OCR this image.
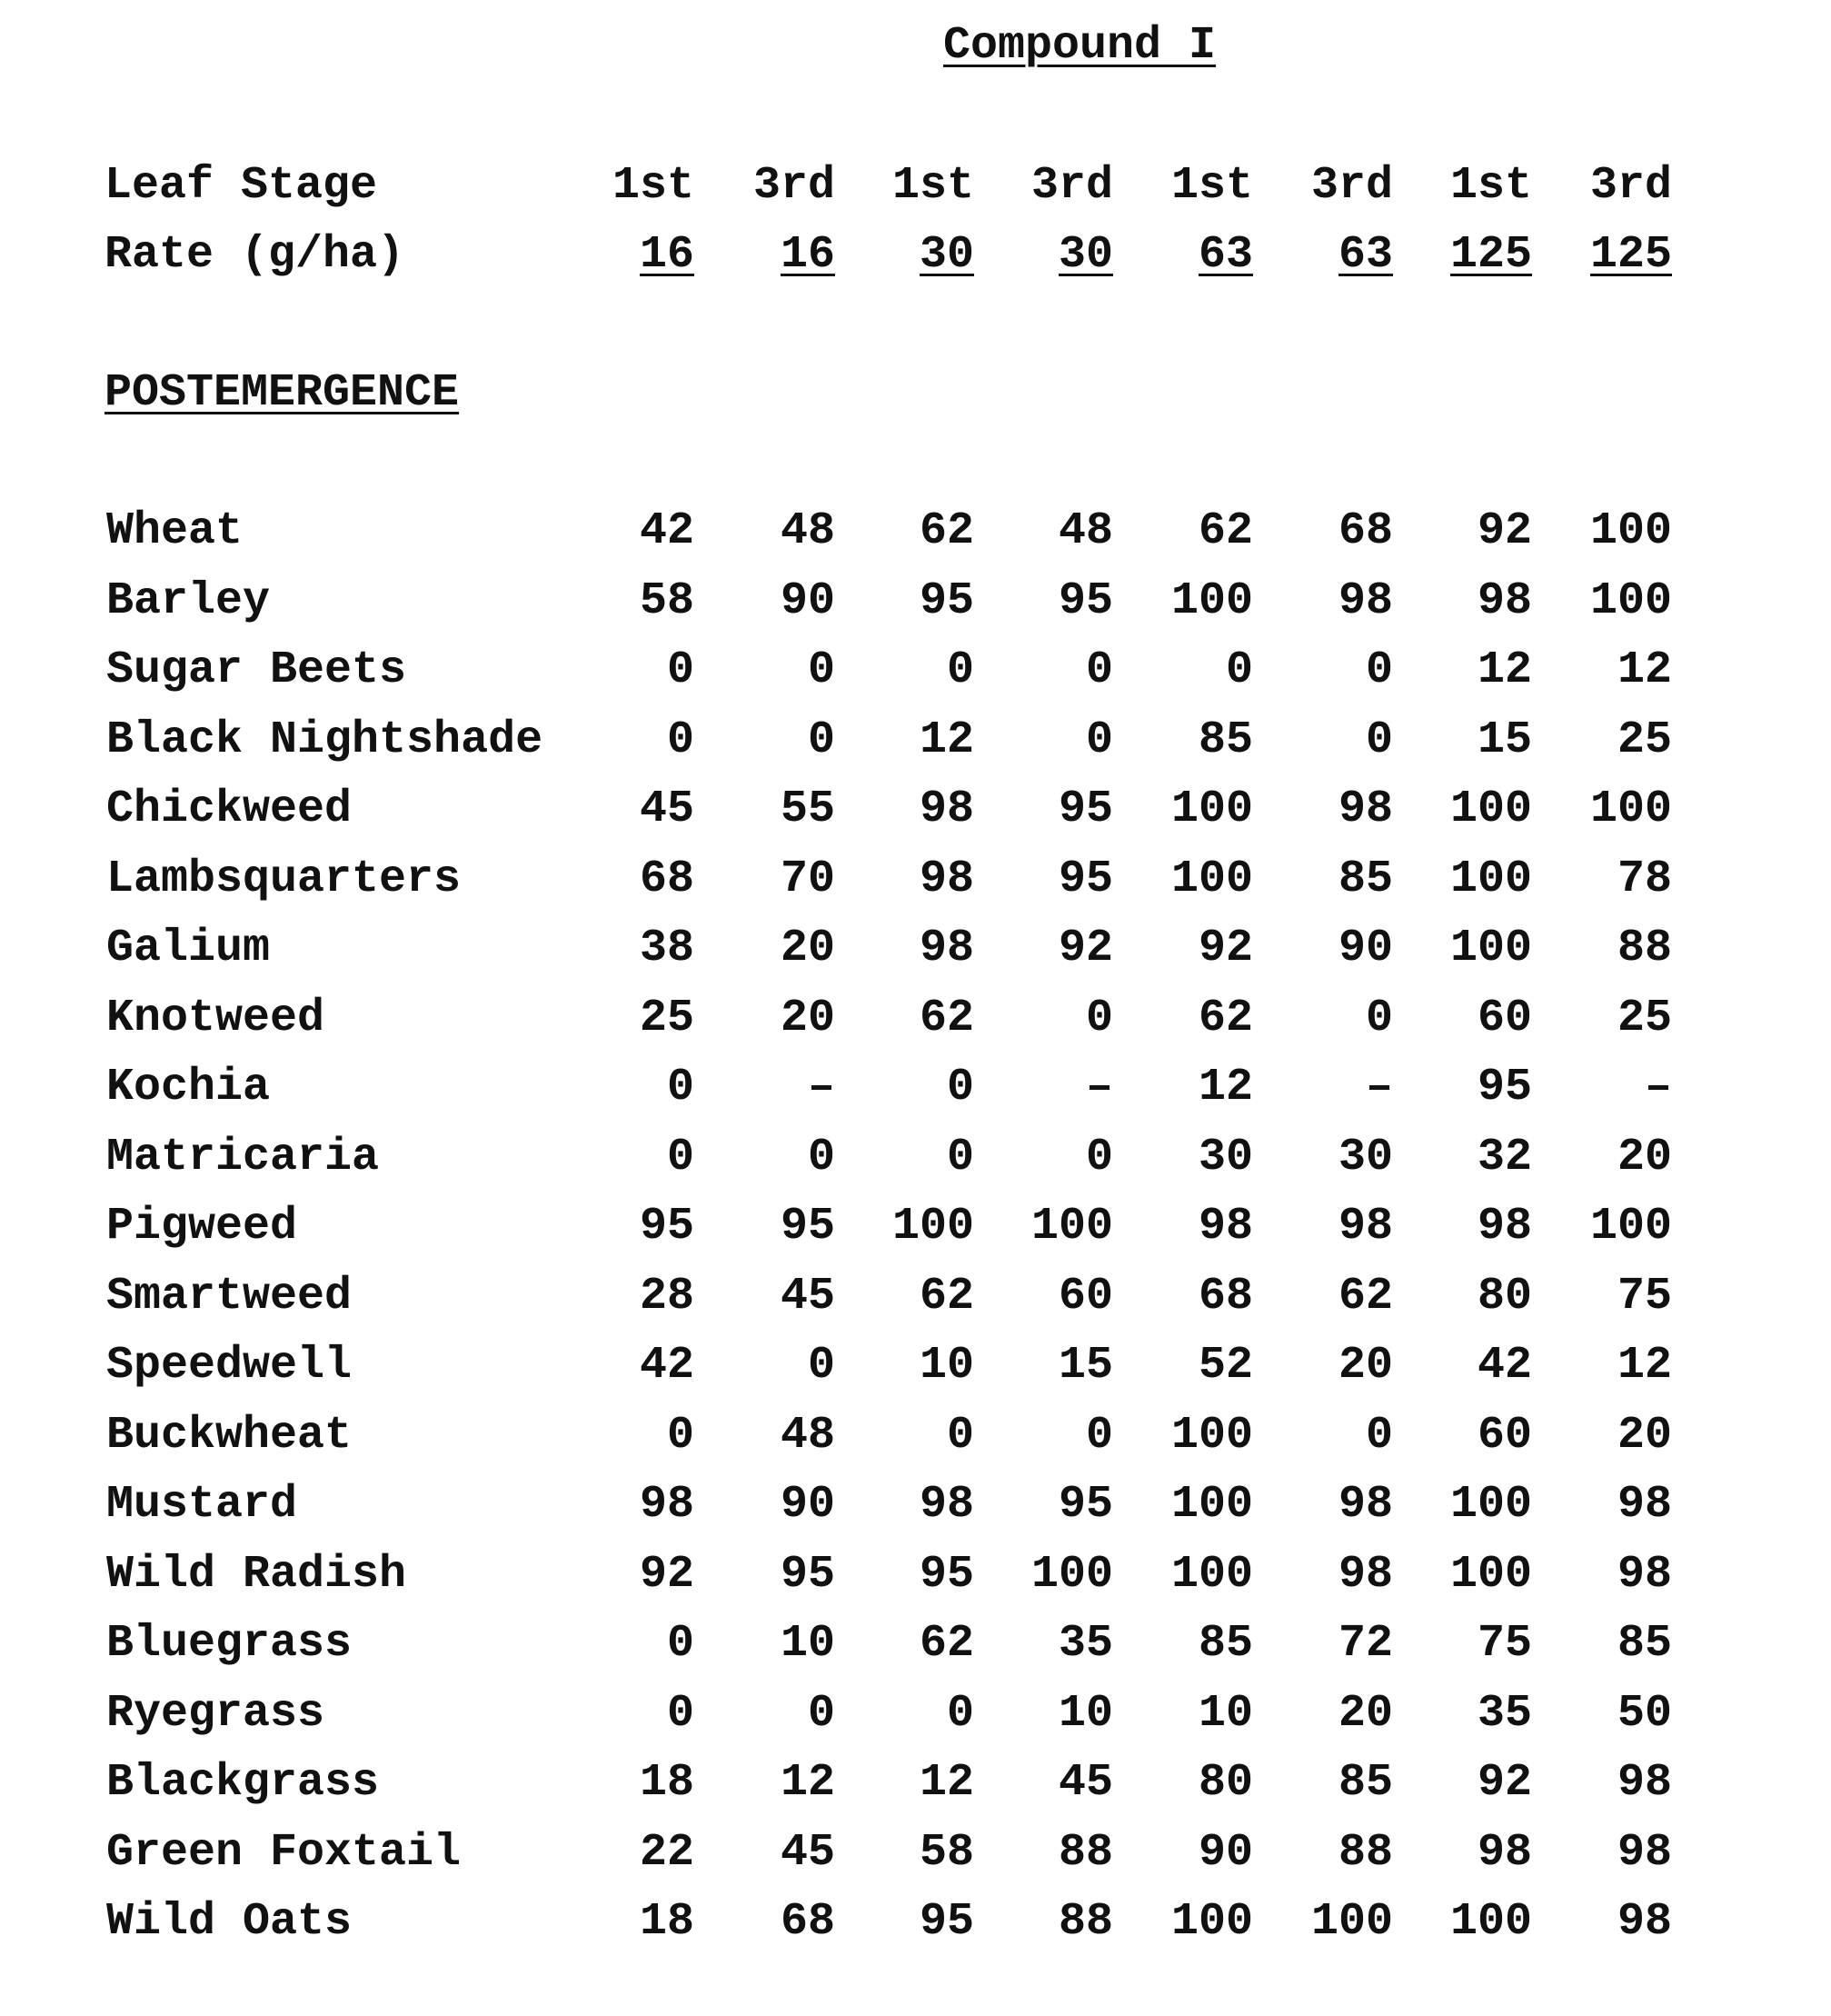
Compound I
Leaf Stage
Rate (g/ha)
POSTEMERGENCE
1st
16
3rd
16
1st
30
3rd
30
1st
63
3rd
63
1st
125
3rd
125
Wheat	42	48	62	48	62	68	92	100
Barley	58	90	95	95	100	98	98	100
Sugar Beets	0	0	0	0	0	0	12	12
Black Nightshade	0	0	12	0	85	0	15	25
Chickweed	45	55	98	95	100	98	100	100
Lambsquarters	68	70	98	95	100	85	100	78
Galium	38	20	98	92	92	90	100	88
Knotweed	25	20	62	0	62	0	60	25
Kochia	0	–	0	–	12	–	95	–
Matricaria	0	0	0	0	30	30	32	20
Pigweed	95	95	100	100	98	98	98	100
Smartweed	28	45	62	60	68	62	80	75
Speedwell	42	0	10	15	52	20	42	12
Buckwheat	0	48	0	0	100	0	60	20
Mustard	98	90	98	95	100	98	100	98
Wild Radish	92	95	95	100	100	98	100	98
Bluegrass	0	10	62	35	85	72	75	85
Ryegrass	0	0	0	10	10	20	35	50
Blackgrass	18	12	12	45	80	85	92	98
Green Foxtail	22	45	58	88	90	88	98	98
Wild Oats	18	68	95	88	100	100	100	98
